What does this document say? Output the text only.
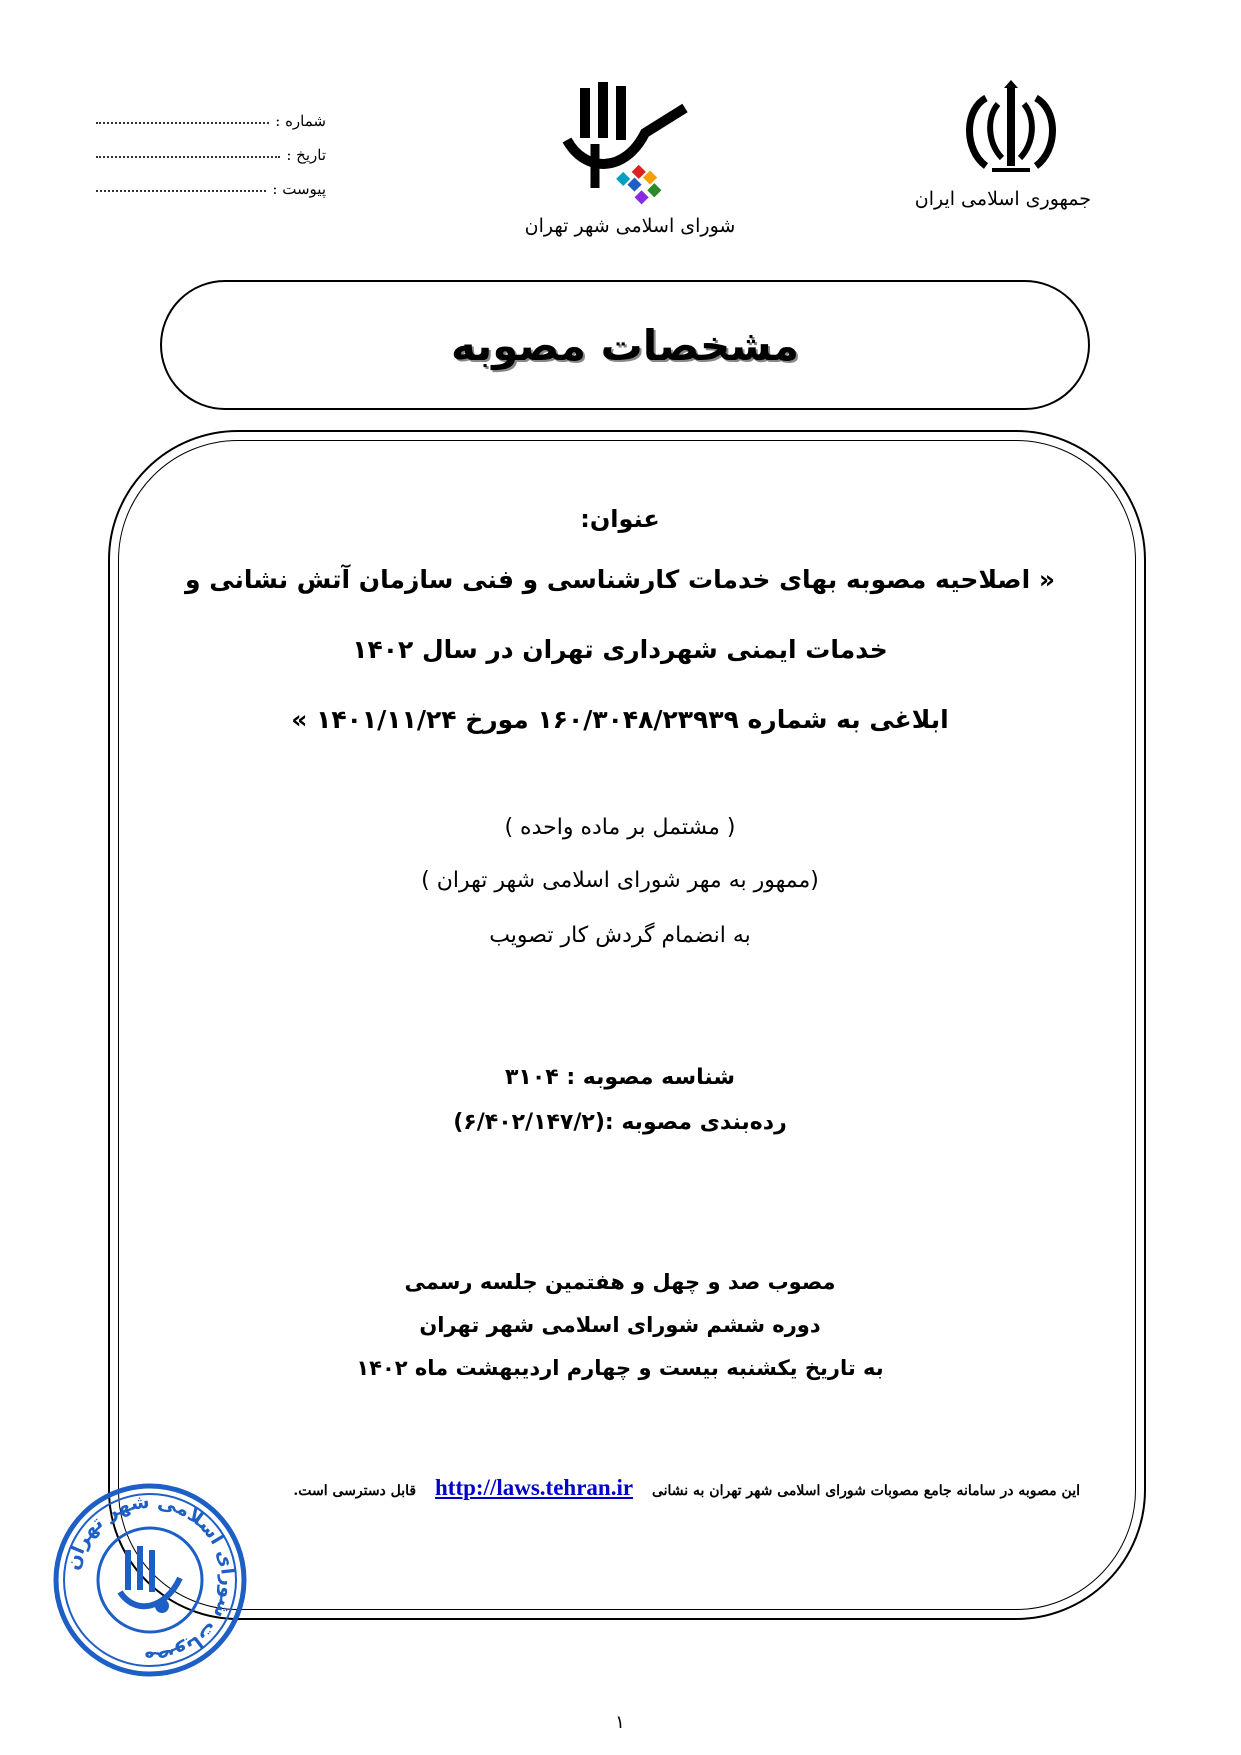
جمهوری اسلامی ایران
شورای اسلامی شهر تهران
شماره :
تاریخ :
پیوست :
مشخصات مصوبه
عنوان:
« اصلاحیه مصوبه بهای خدمات کارشناسی و فنی سازمان آتش نشانی و
خدمات ایمنی شهرداری تهران در سال ۱۴۰۲
ابلاغی به شماره ۱۶۰/۳۰۴۸/۲۳۹۳۹ مورخ ۱۴۰۱/۱۱/۲۴ »
( مشتمل بر ماده واحده )
(ممهور به مهر شورای اسلامی شهر تهران )
به انضمام گردش کار تصویب
شناسه مصوبه : ۳۱۰۴
رده‌بندی مصوبه :(۶/۴۰۲/۱۴۷/۲)
مصوب صد و چهل و هفتمین جلسه رسمی
دوره ششم شورای اسلامی شهر تهران
به تاریخ یکشنبه بیست و چهارم اردیبهشت ماه ۱۴۰۲
این مصوبه در سامانه جامع مصوبات شورای اسلامی شهر تهران به نشانی http://laws.tehran.ir قابل دسترسی است.
مصوبات شورای اسلامی شهر تهران
۱
